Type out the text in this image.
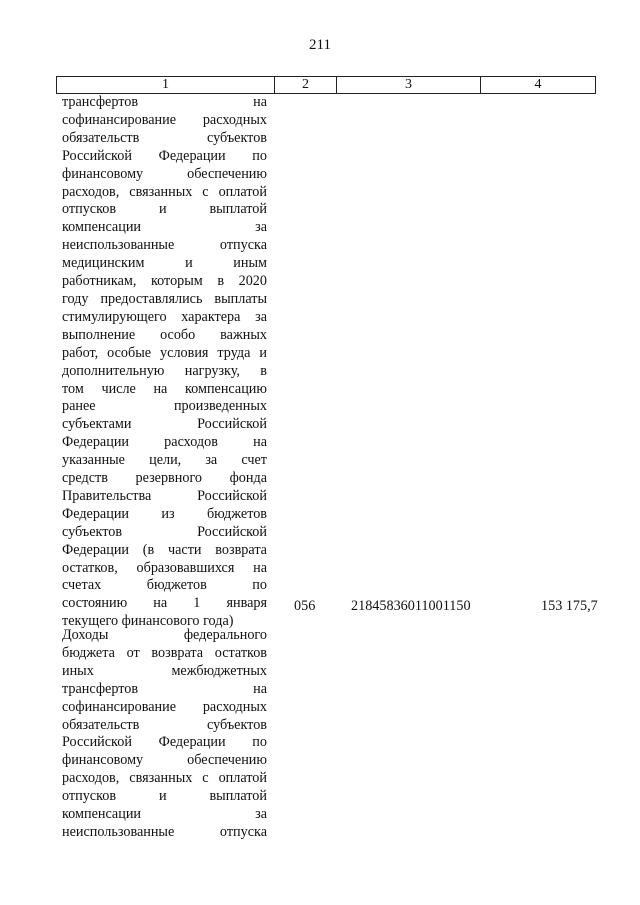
211
1	2	3	4
трансфертов на
софинансирование расходных
обязательств субъектов
Российской Федерации по
финансовому обеспечению
расходов, связанных с оплатой
отпусков и выплатой
компенсации за
неиспользованные отпуска
медицинским и иным
работникам, которым в 2020
году предоставлялись выплаты
стимулирующего характера за
выполнение особо важных
работ, особые условия труда и
дополнительную нагрузку, в
том числе на компенсацию
ранее произведенных
субъектами Российской
Федерации расходов на
указанные цели, за счет
средств резервного фонда
Правительства Российской
Федерации из бюджетов
субъектов Российской
Федерации (в части возврата
остатков, образовавшихся на
счетах бюджетов по
состоянию на 1 января
текущего финансового года)
056	21845836011001150	153 175,7
Доходы федерального
бюджета от возврата остатков
иных межбюджетных
трансфертов на
софинансирование расходных
обязательств субъектов
Российской Федерации по
финансовому обеспечению
расходов, связанных с оплатой
отпусков и выплатой
компенсации за
неиспользованные отпуска
